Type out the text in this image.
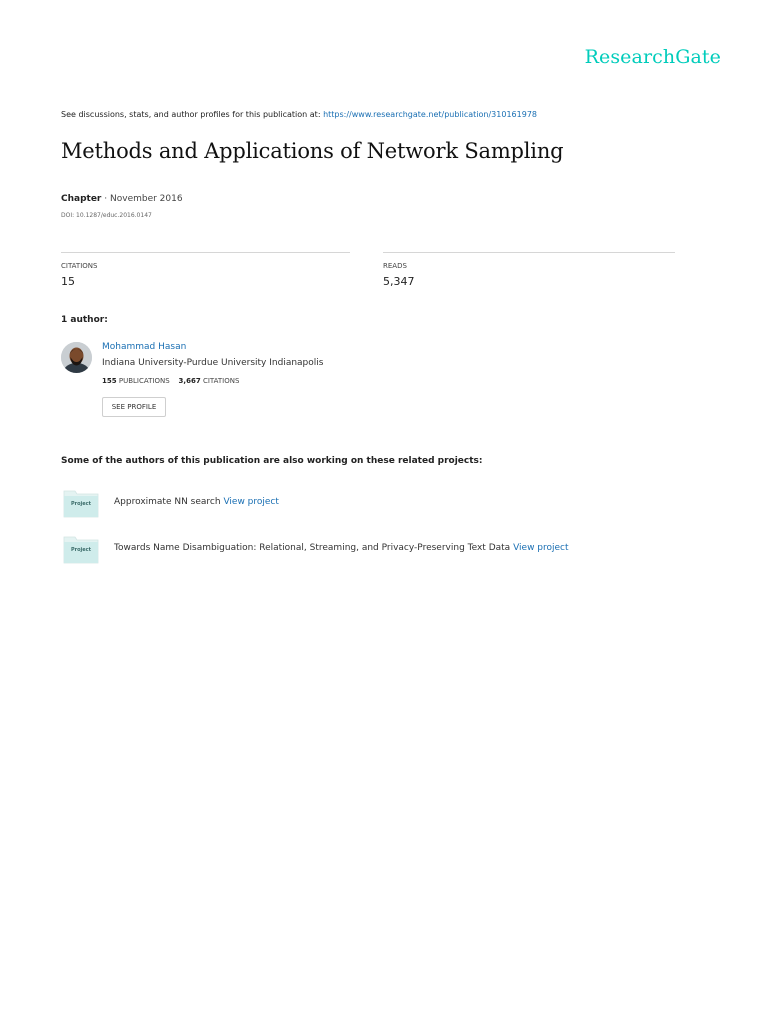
ResearchGate
See discussions, stats, and author profiles for this publication at: https://www.researchgate.net/publication/310161978
Methods and Applications of Network Sampling
Chapter · November 2016
DOI: 10.1287/educ.2016.0147
CITATIONS
15
READS
5,347
1 author:
Mohammad Hasan
Indiana University-Purdue University Indianapolis
155 PUBLICATIONS 3,667 CITATIONS
SEE PROFILE
Some of the authors of this publication are also working on these related projects:
Project	Approximate NN search View project
Project	Towards Name Disambiguation: Relational, Streaming, and Privacy-Preserving Text Data View project
